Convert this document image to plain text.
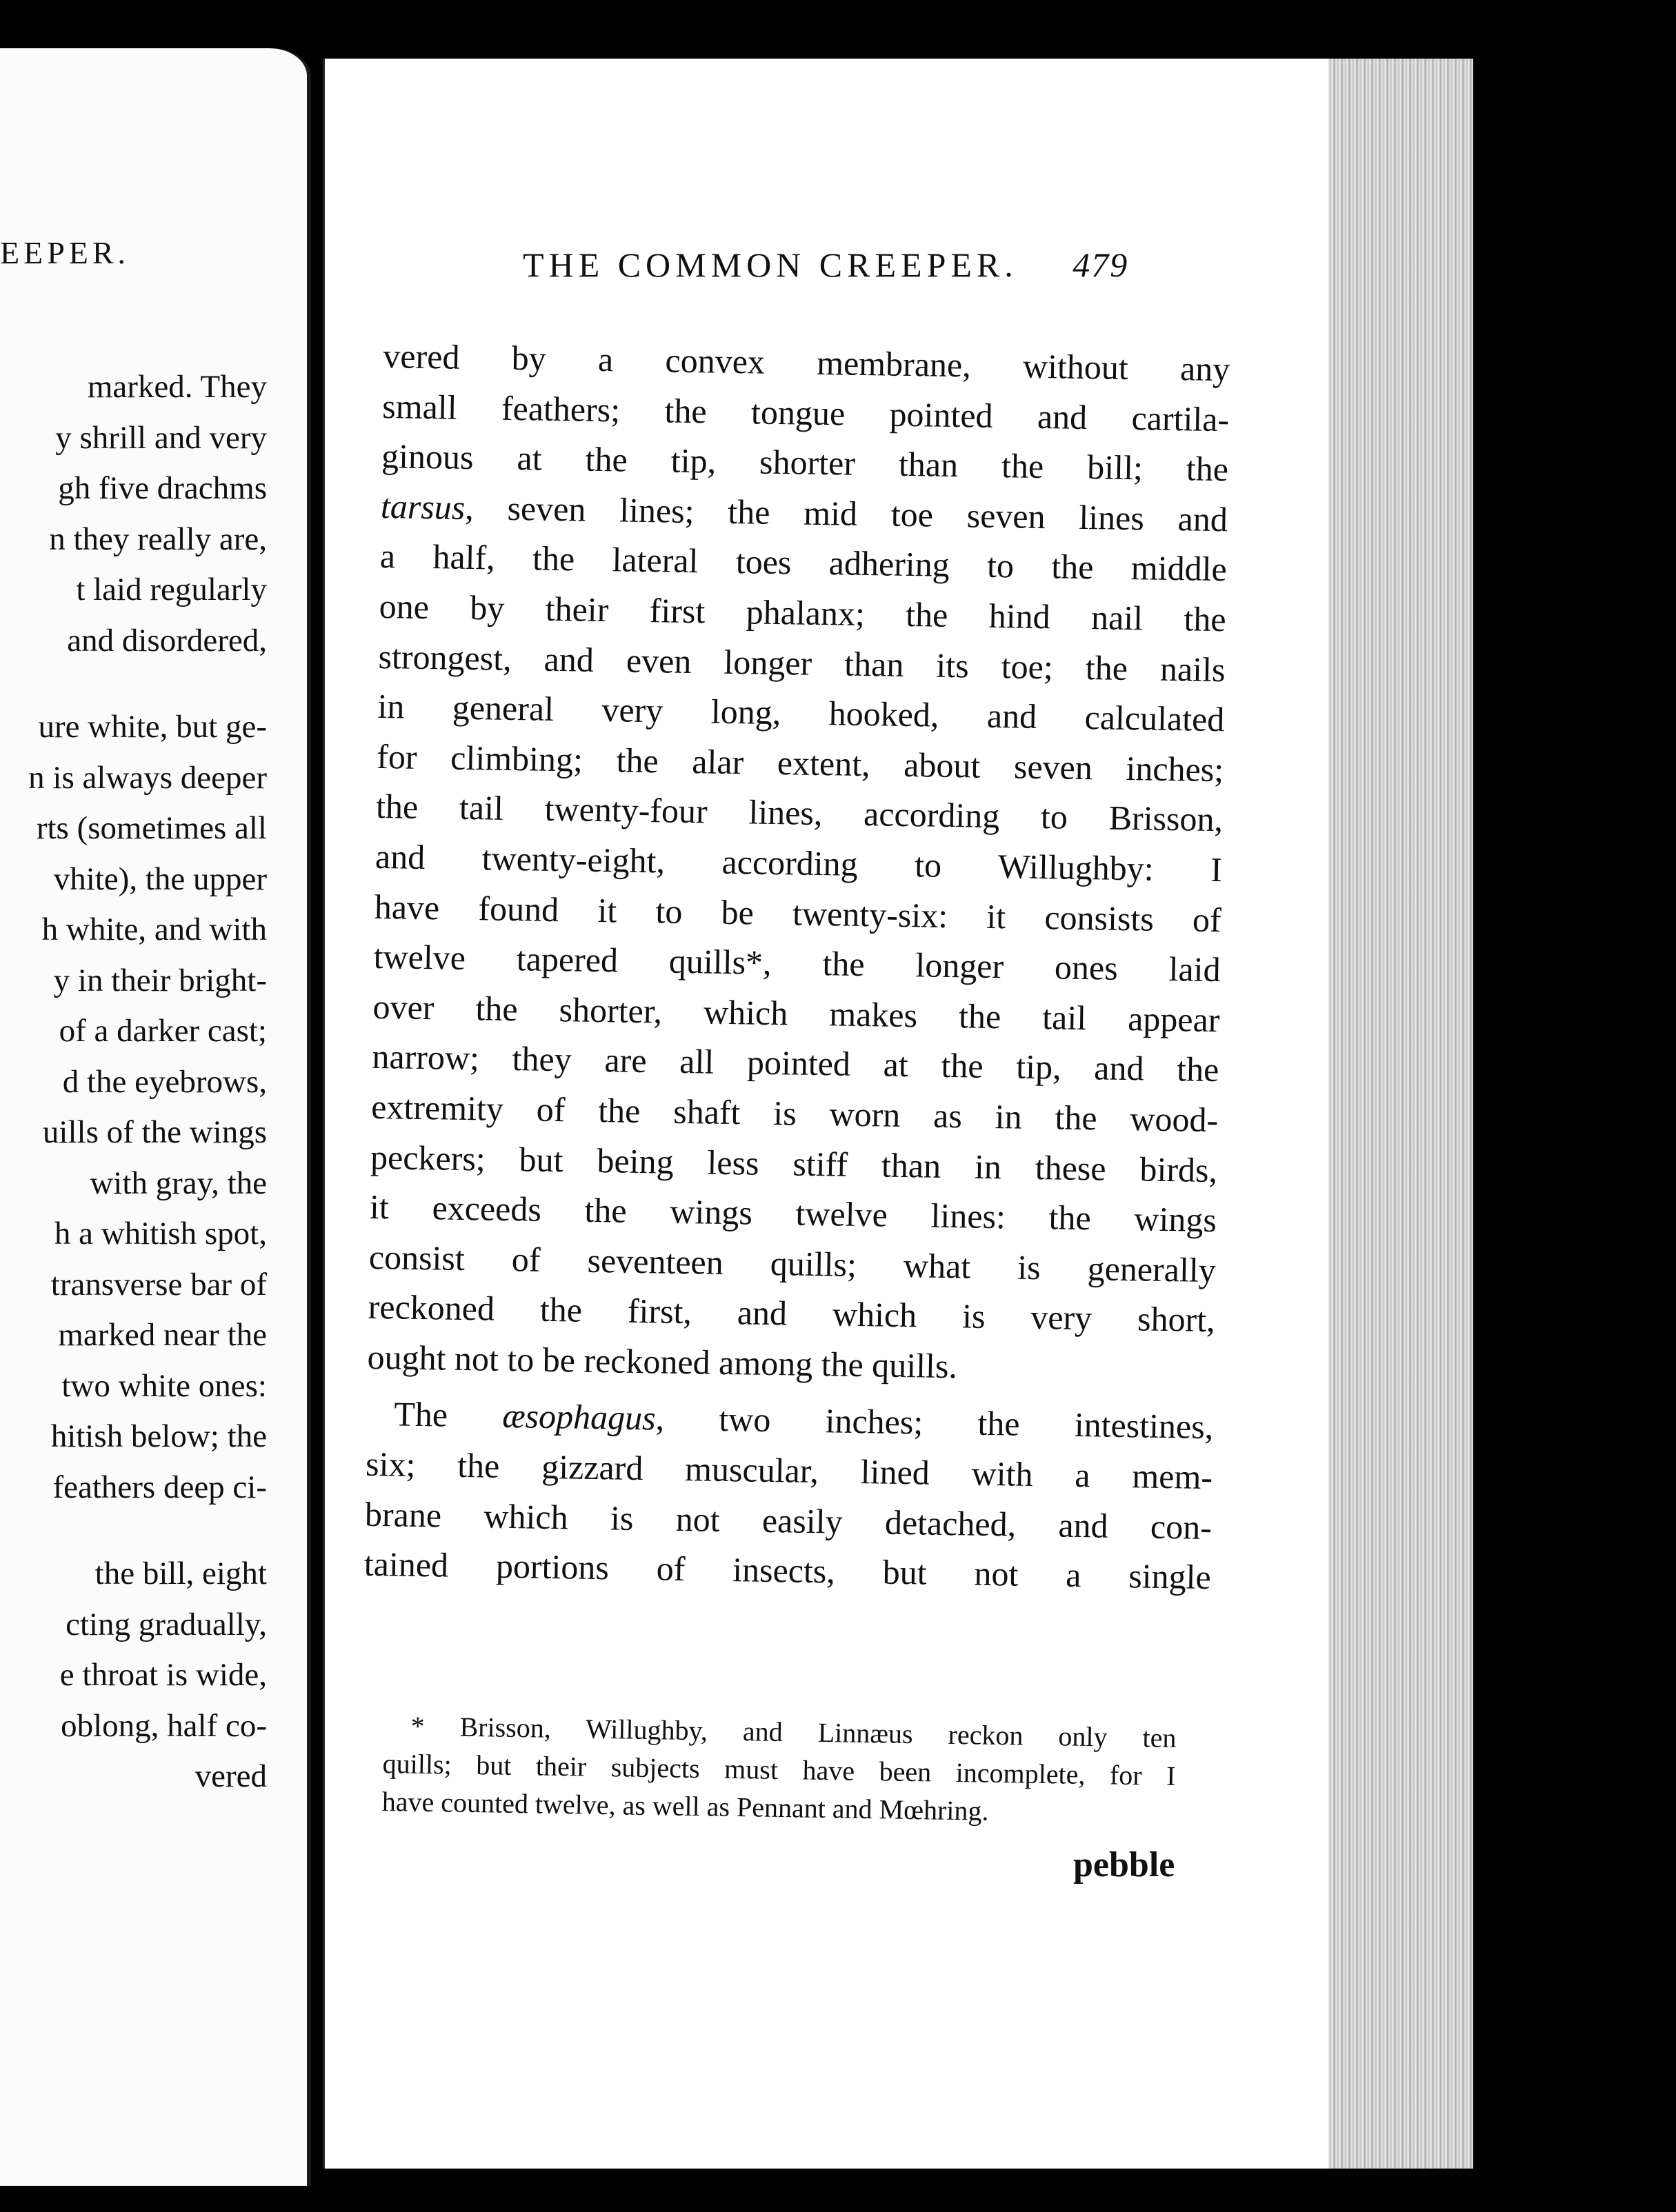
EEPER.
marked. They
y shrill and very
gh five drachms
n they really are,
t laid regularly
and disordered,
ure white, but ge-
n is always deeper
rts (sometimes all
vhite), the upper
h white, and with
y in their bright-
of a darker cast;
d the eyebrows,
uills of the wings
with gray, the
h a whitish spot,
transverse bar of
marked near the
two white ones:
hitish below; the
feathers deep ci-
the bill, eight
cting gradually,
e throat is wide,
oblong, half co-
vered
THE COMMON CREEPER. 479

vered by a convex membrane, without any
small feathers; the tongue pointed and cartila-
ginous at the tip, shorter than the bill; the
tarsus, seven lines; the mid toe seven lines and
a half, the lateral toes adhering to the middle
one by their first phalanx; the hind nail the
strongest, and even longer than its toe; the nails
in general very long, hooked, and calculated
for climbing; the alar extent, about seven inches;
the tail twenty-four lines, according to Brisson,
and twenty-eight, according to Willughby: I
have found it to be twenty-six: it consists of
twelve tapered quills*, the longer ones laid
over the shorter, which makes the tail appear
narrow; they are all pointed at the tip, and the
extremity of the shaft is worn as in the wood-
peckers; but being less stiff than in these birds,
it exceeds the wings twelve lines: the wings
consist of seventeen quills; what is generally
reckoned the first, and which is very short,
ought not to be reckoned among the quills.

The æsophagus, two inches; the intestines,
six; the gizzard muscular, lined with a mem-
brane which is not easily detached, and con-
tained portions of insects, but not a single

* Brisson, Willughby, and Linnæus reckon only ten
quills; but their subjects must have been incomplete, for I
have counted twelve, as well as Pennant and Mœhring.
pebble
